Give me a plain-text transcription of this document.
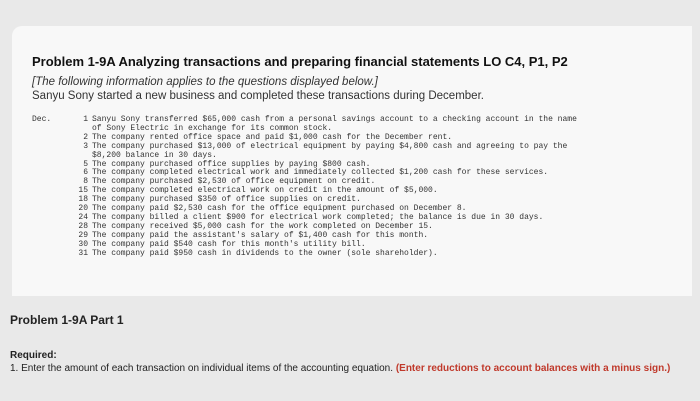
Problem 1-9A Analyzing transactions and preparing financial statements LO C4, P1, P2
[The following information applies to the questions displayed below.]
Sanyu Sony started a new business and completed these transactions during December.
Dec.	1 Sanyu Sony transferred $65,000 cash from a personal savings account to a checking account in the name
of Sony Electric in exchange for its common stock.
2 The company rented office space and paid $1,000 cash for the December rent.
3 The company purchased $13,000 of electrical equipment by paying $4,800 cash and agreeing to pay the
$8,200 balance in 30 days.
5 The company purchased office supplies by paying $800 cash.
6 The company completed electrical work and immediately collected $1,200 cash for these services.
8 The company purchased $2,530 of office equipment on credit.
15 The company completed electrical work on credit in the amount of $5,000.
18 The company purchased $350 of office supplies on credit.
20 The company paid $2,530 cash for the office equipment purchased on December 8.
24 The company billed a client $900 for electrical work completed; the balance is due in 30 days.
28 The company received $5,000 cash for the work completed on December 15.
29 The company paid the assistant's salary of $1,400 cash for this month.
30 The company paid $540 cash for this month's utility bill.
31 The company paid $950 cash in dividends to the owner (sole shareholder).
Problem 1-9A Part 1
Required:
1. Enter the amount of each transaction on individual items of the accounting equation. (Enter reductions to account balances with a minus sign.)
